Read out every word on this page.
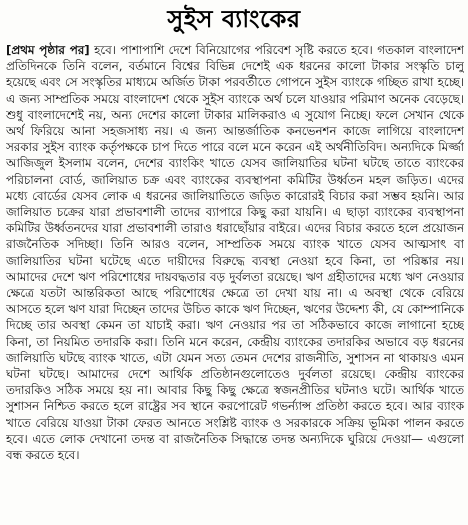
সুইস ব্যাংকের

[প্রথম পৃষ্ঠার পর] হবে। পাশাপাশি দেশে বিনিয়োগের পরিবেশ সৃষ্টি করতে হবে। গতকাল বাংলাদেশ প্রতিদিনকে তিনি বলেন, বর্তমানে বিশ্বের বিভিন্ন দেশেই এক ধরনের কালো টাকার সংস্কৃতি চালু হয়েছে এবং সে সংস্কৃতির মাধ্যমে অর্জিত টাকা পরবর্তীতে গোপনে সুইস ব্যাংকে গচ্ছিত রাখা হচ্ছে। এ জন্য সাম্প্রতিক সময়ে বাংলাদেশ থেকে সুইস ব্যাংকে অর্থ চলে যাওয়ার পরিমাণ অনেক বেড়েছে। শুধু বাংলাদেশেই নয়, অন্য দেশের কালো টাকার মালিকরাও এ সুযোগ নিচ্ছে। ফলে সেখান থেকে অর্থ ফিরিয়ে আনা সহজসাধ্য নয়। এ জন্য আন্তর্জাতিক কনভেনশন কাজে লাগিয়ে বাংলাদেশ সরকার সুইস ব্যাংক কর্তৃপক্ষকে চাপ দিতে পারে বলে মনে করেন এই অর্থনীতিবিদ। অন্যদিকে মির্জ্জা আজিজুল ইসলাম বলেন, দেশের ব্যাংকিং খাতে যেসব জালিয়াতির ঘটনা ঘটছে তাতে ব্যাংকের পরিচালনা বোর্ড, জালিয়াত চক্র এবং ব্যাংকের ব্যবস্থাপনা কমিটির উর্ধ্বতন মহল জড়িত। এদের মধ্যে বোর্ডের যেসব লোক এ ধরনের জালিয়াতিতে জড়িত কারোরই বিচার করা সম্ভব হয়নি। আর জালিয়াত চক্রের যারা প্রভাবশালী তাদের ব্যাপারে কিছু করা যায়নি। এ ছাড়া ব্যাংকের ব্যবস্থাপনা কমিটির উর্ধ্বতনদের যারা প্রভাবশালী তারাও ধরাছোঁয়ার বাইরে। এদের বিচার করতে হলে প্রয়োজন রাজনৈতিক সদিচ্ছা। তিনি আরও বলেন, সাম্প্রতিক সময়ে ব্যাংক খাতে যেসব আত্মসাৎ বা জালিয়াতির ঘটনা ঘটেছে এতে দায়ীদের বিরুদ্ধে ব্যবস্থা নেওয়া হবে কিনা, তা পরিষ্কার নয়। আমাদের দেশে ঋণ পরিশোধের দায়বদ্ধতার বড় দুর্বলতা রয়েছে। ঋণ গ্রহীতাদের মধ্যে ঋণ নেওয়ার ক্ষেত্রে যতটা আন্তরিকতা আছে পরিশোধের ক্ষেত্রে তা দেখা যায় না। এ অবস্থা থেকে বেরিয়ে আসতে হলে ঋণ যারা দিচ্ছেন তাদের উচিত কাকে ঋণ দিচ্ছেন, ঋণের উদ্দেশ্য কী, যে কোম্পানিকে দিচ্ছে তার অবস্থা কেমন তা যাচাই করা। ঋণ নেওয়ার পর তা সঠিকভাবে কাজে লাগানো হচ্ছে কিনা, তা নিয়মিত তদারকি করা। তিনি মনে করেন, কেন্দ্রীয় ব্যাংকের তদারকির অভাবে বড় ধরনের জালিয়াতি ঘটছে ব্যাংক খাতে, এটা যেমন সত্য তেমন দেশের রাজনীতি, সুশাসন না থাকায়ও এমন ঘটনা ঘটছে। আমাদের দেশে আর্থিক প্রতিষ্ঠানগুলোতেও দুর্বলতা রয়েছে। কেন্দ্রীয় ব্যাংকের তদারকিও সঠিক সময়ে হয় না। আবার কিছু কিছু ক্ষেত্রে স্বজনপ্রীতির ঘটনাও ঘটে। আর্থিক খাতে সুশাসন নিশ্চিত করতে হলে রাষ্ট্রের সব স্থানে করপোরেট গভর্ন্যান্স প্রতিষ্ঠা করতে হবে। আর ব্যাংক খাতে বেরিয়ে যাওয়া টাকা ফেরত আনতে সংশ্লিষ্ট ব্যাংক ও সরকারকে সক্রিয় ভূমিকা পালন করতে হবে। এতে লোক দেখানো তদন্ত বা রাজনৈতিক সিদ্ধান্তে তদন্ত অন্যদিকে ঘুরিয়ে দেওয়া— এগুলো বন্ধ করতে হবে।
